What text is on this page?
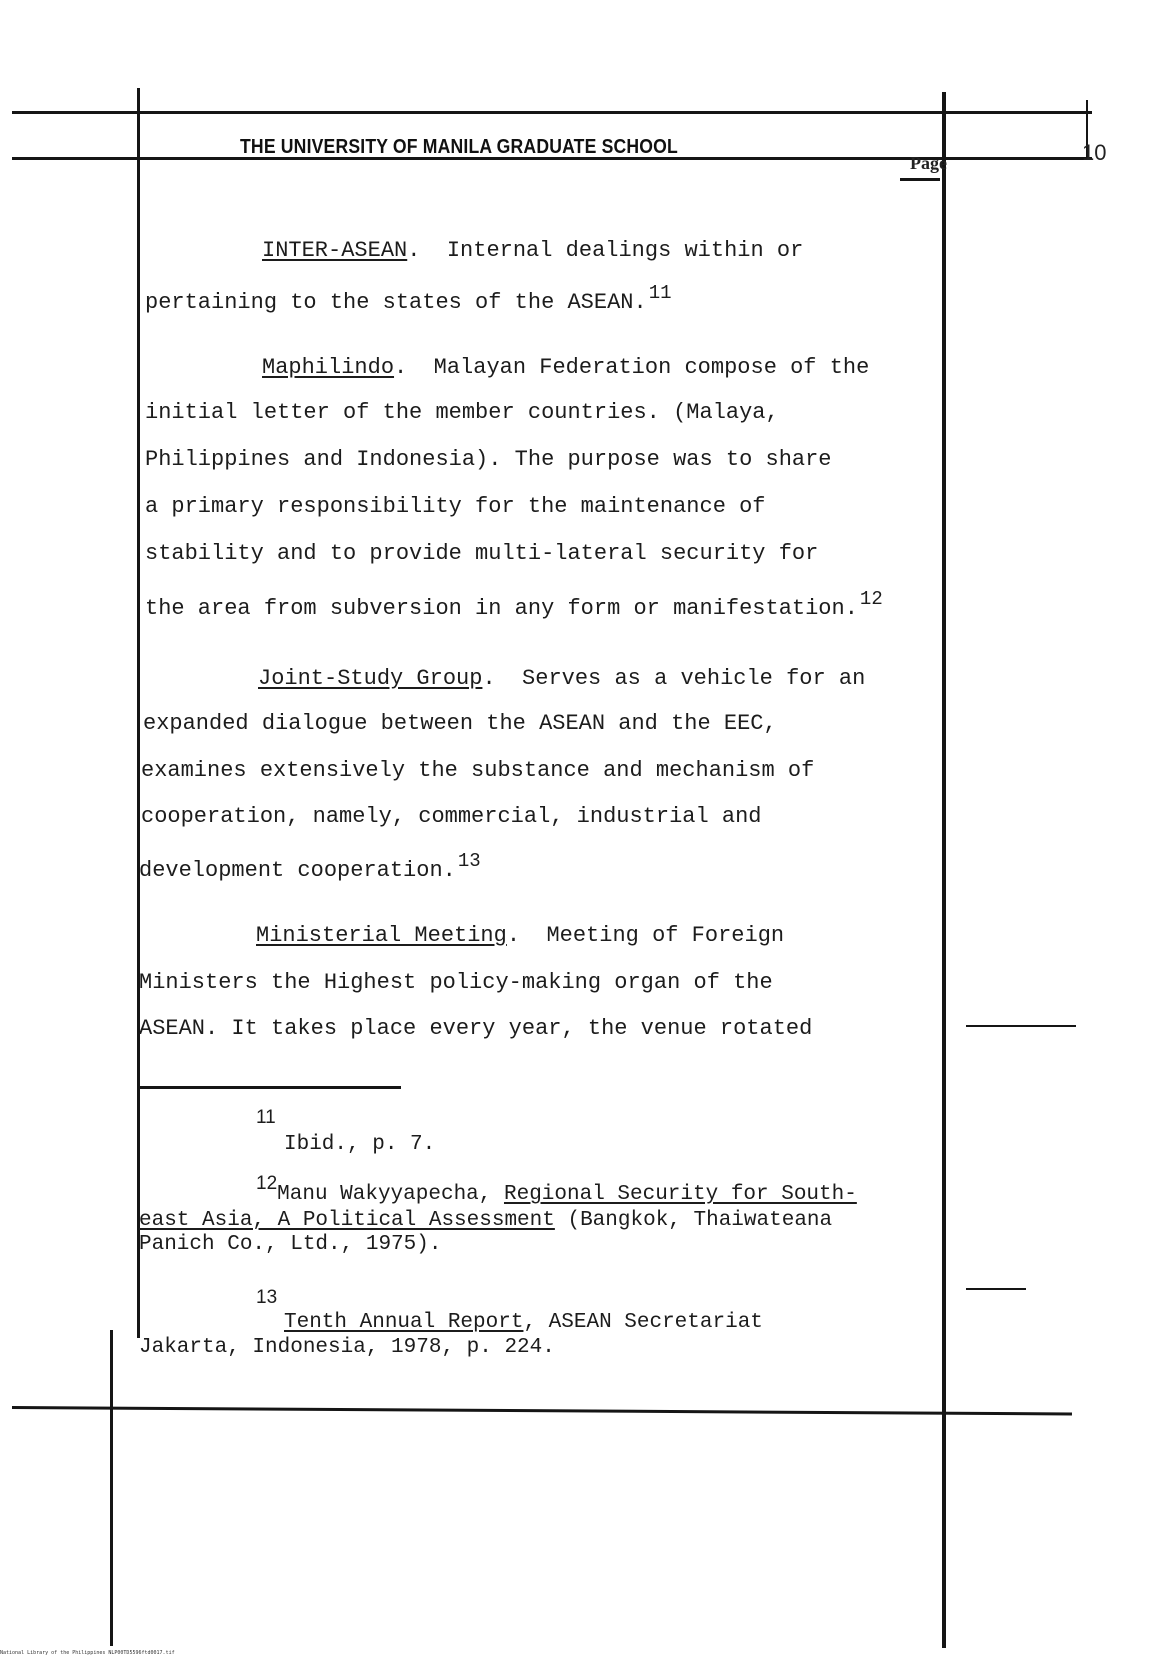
THE UNIVERSITY OF MANILA GRADUATE SCHOOL
Page	10
INTER-ASEAN.  Internal dealings within or
pertaining to the states of the ASEAN. $^{11}$
Maphilindo.  Malayan Federation compose of the
initial letter of the member countries. (Malaya,
Philippines and Indonesia). The purpose was to share
a primary responsibility for the maintenance of
stability and to provide multi-lateral security for
the area from subversion in any form or manifestation. $^{12}$
Joint-Study Group.  Serves as a vehicle for an
expanded dialogue between the ASEAN and the EEC,
examines extensively the substance and mechanism of
cooperation, namely, commercial, industrial and
development cooperation. $^{13}$
Ministerial Meeting.  Meeting of Foreign
Ministers the Highest policy-making organ of the
ASEAN. It takes place every year, the venue rotated
11
Ibid., p. 7.
12Manu Wakyyapecha, Regional Security for South-
east Asia, A Political Assessment (Bangkok, Thaiwateana
Panich Co., Ltd., 1975).
13
Tenth Annual Report, ASEAN Secretariat
Jakarta, Indonesia, 1978, p. 224.
National Library of the Philippines NLP00TD5596ftd0017.tif
